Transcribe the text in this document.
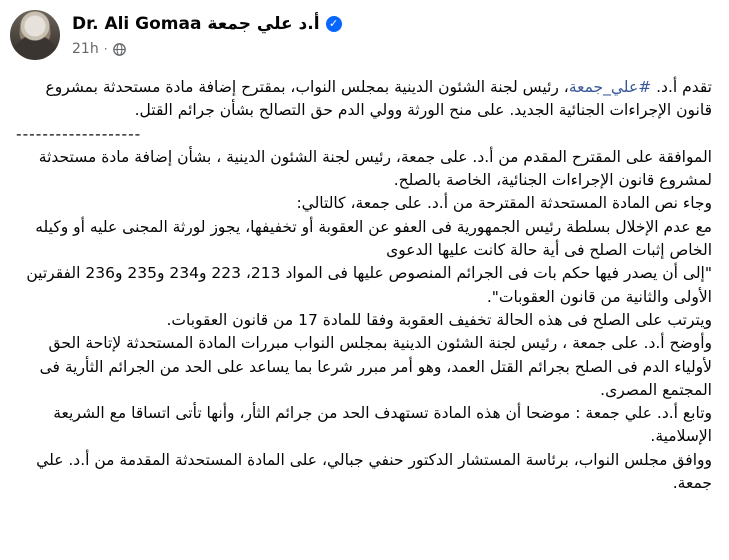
Dr. Ali Gomaa أ.د علي جمعة ✓
21h ·

تقدم أ.د. #علي_جمعة، رئيس لجنة الشئون الدينية بمجلس النواب، بمقترح إضافة مادة مستحدثة بمشروع قانون الإجراءات الجنائية الجديد. على منح الورثة وولي الدم حق التصالح بشأن جرائم القتل.

-------------------

الموافقة على المقترح المقدم من أ.د. على جمعة، رئيس لجنة الشئون الدينية ، بشأن إضافة مادة مستحدثة لمشروع قانون الإجراءات الجنائية، الخاصة بالصلح.

وجاء نص المادة المستحدثة المقترحة من أ.د. على جمعة، كالتالي:

مع عدم الإخلال بسلطة رئيس الجمهورية فى العفو عن العقوبة أو تخفيفها، يجوز لورثة المجنى عليه أو وكيله الخاص إثبات الصلح فى أية حالة كانت عليها الدعوى

"إلى أن يصدر فيها حكم بات فى الجرائم المنصوص عليها فى المواد 213، 223 و234 و235 و236 الفقرتين الأولى والثانية من قانون العقوبات".

ويترتب على الصلح فى هذه الحالة تخفيف العقوبة وفقا للمادة 17 من قانون العقوبات.

وأوضح أ.د. على جمعة ، رئيس لجنة الشئون الدينية بمجلس النواب مبررات المادة المستحدثة لإتاحة الحق لأولياء الدم فى الصلح بجرائم القتل العمد، وهو أمر مبرر شرعا بما يساعد على الحد من الجرائم الثأرية فى المجتمع المصرى.

وتابع أ.د. علي جمعة : موضحا أن هذه المادة تستهدف الحد من جرائم الثأر، وأنها تأتى اتساقا مع الشريعة الإسلامية.

ووافق مجلس النواب، برئاسة المستشار الدكتور حنفي جبالي، على المادة المستحدثة المقدمة من أ.د. علي جمعة.
